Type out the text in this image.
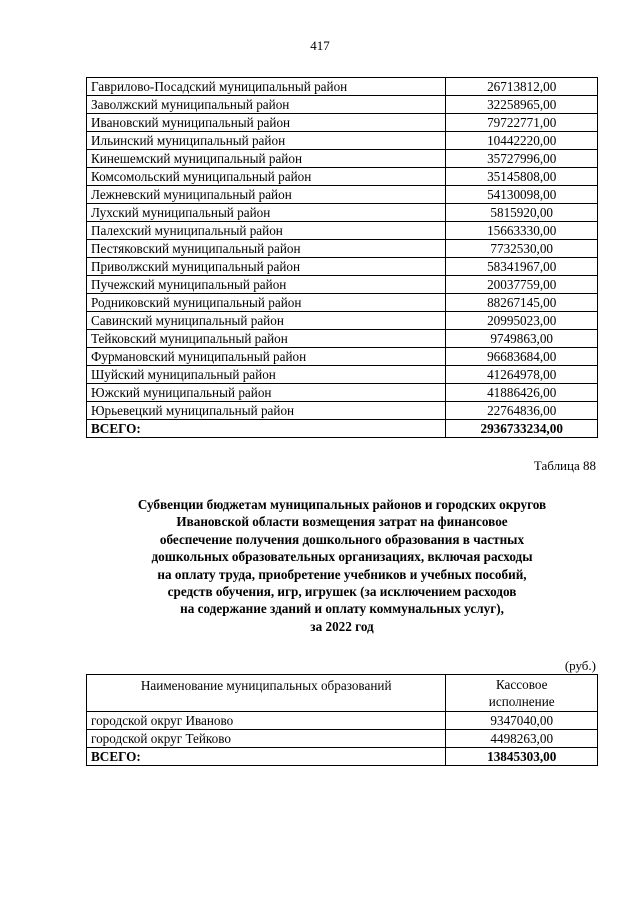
417
Гаврилово-Посадский муниципальный район	26713812,00
Заволжский муниципальный район	32258965,00
Ивановский муниципальный район	79722771,00
Ильинский муниципальный район	10442220,00
Кинешемский муниципальный район	35727996,00
Комсомольский муниципальный район	35145808,00
Лежневский муниципальный район	54130098,00
Лухский муниципальный район	5815920,00
Палехский муниципальный район	15663330,00
Пестяковский муниципальный район	7732530,00
Приволжский муниципальный район	58341967,00
Пучежский муниципальный район	20037759,00
Родниковский муниципальный район	88267145,00
Савинский муниципальный район	20995023,00
Тейковский муниципальный район	9749863,00
Фурмановский муниципальный район	96683684,00
Шуйский муниципальный район	41264978,00
Южский муниципальный район	41886426,00
Юрьевецкий муниципальный район	22764836,00
ВСЕГО:	2936733234,00
Таблица 88
Субвенции бюджетам муниципальных районов и городских округов
Ивановской области возмещения затрат на финансовое
обеспечение получения дошкольного образования в частных
дошкольных образовательных организациях, включая расходы
на оплату труда, приобретение учебников и учебных пособий,
средств обучения, игр, игрушек (за исключением расходов
на содержание зданий и оплату коммунальных услуг),
за 2022 год
(руб.)
Наименование муниципальных образований	Кассовое
исполнение

городской округ Иваново	9347040,00
городской округ Тейково	4498263,00
ВСЕГО:	13845303,00
